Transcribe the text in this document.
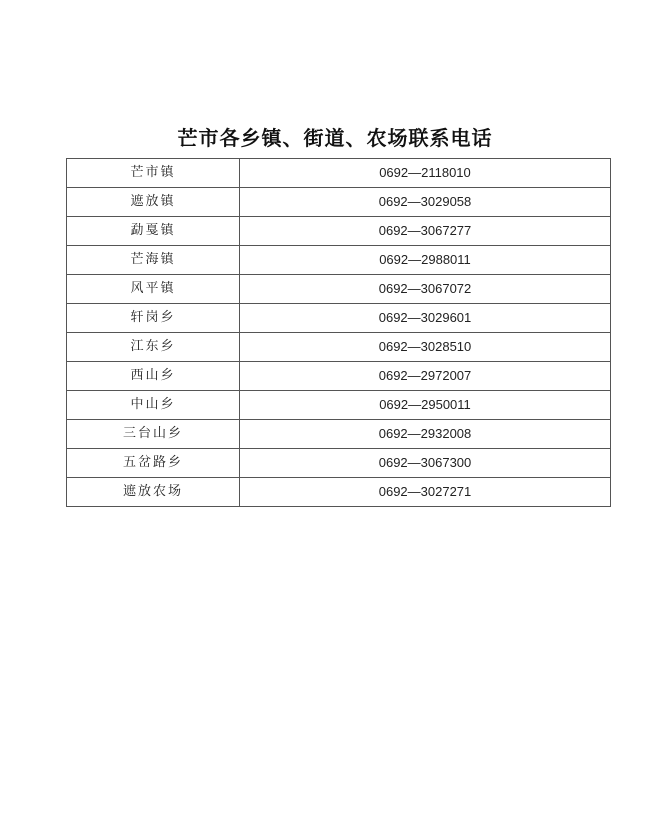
芒市各乡镇、街道、农场联系电话
芒市镇	0692—2118010
遮放镇	0692—3029058
勐戛镇	0692—3067277
芒海镇	0692—2988011
风平镇	0692—3067072
轩岗乡	0692—3029601
江东乡	0692—3028510
西山乡	0692—2972007
中山乡	0692—2950011
三台山乡	0692—2932008
五岔路乡	0692—3067300
遮放农场	0692—3027271
